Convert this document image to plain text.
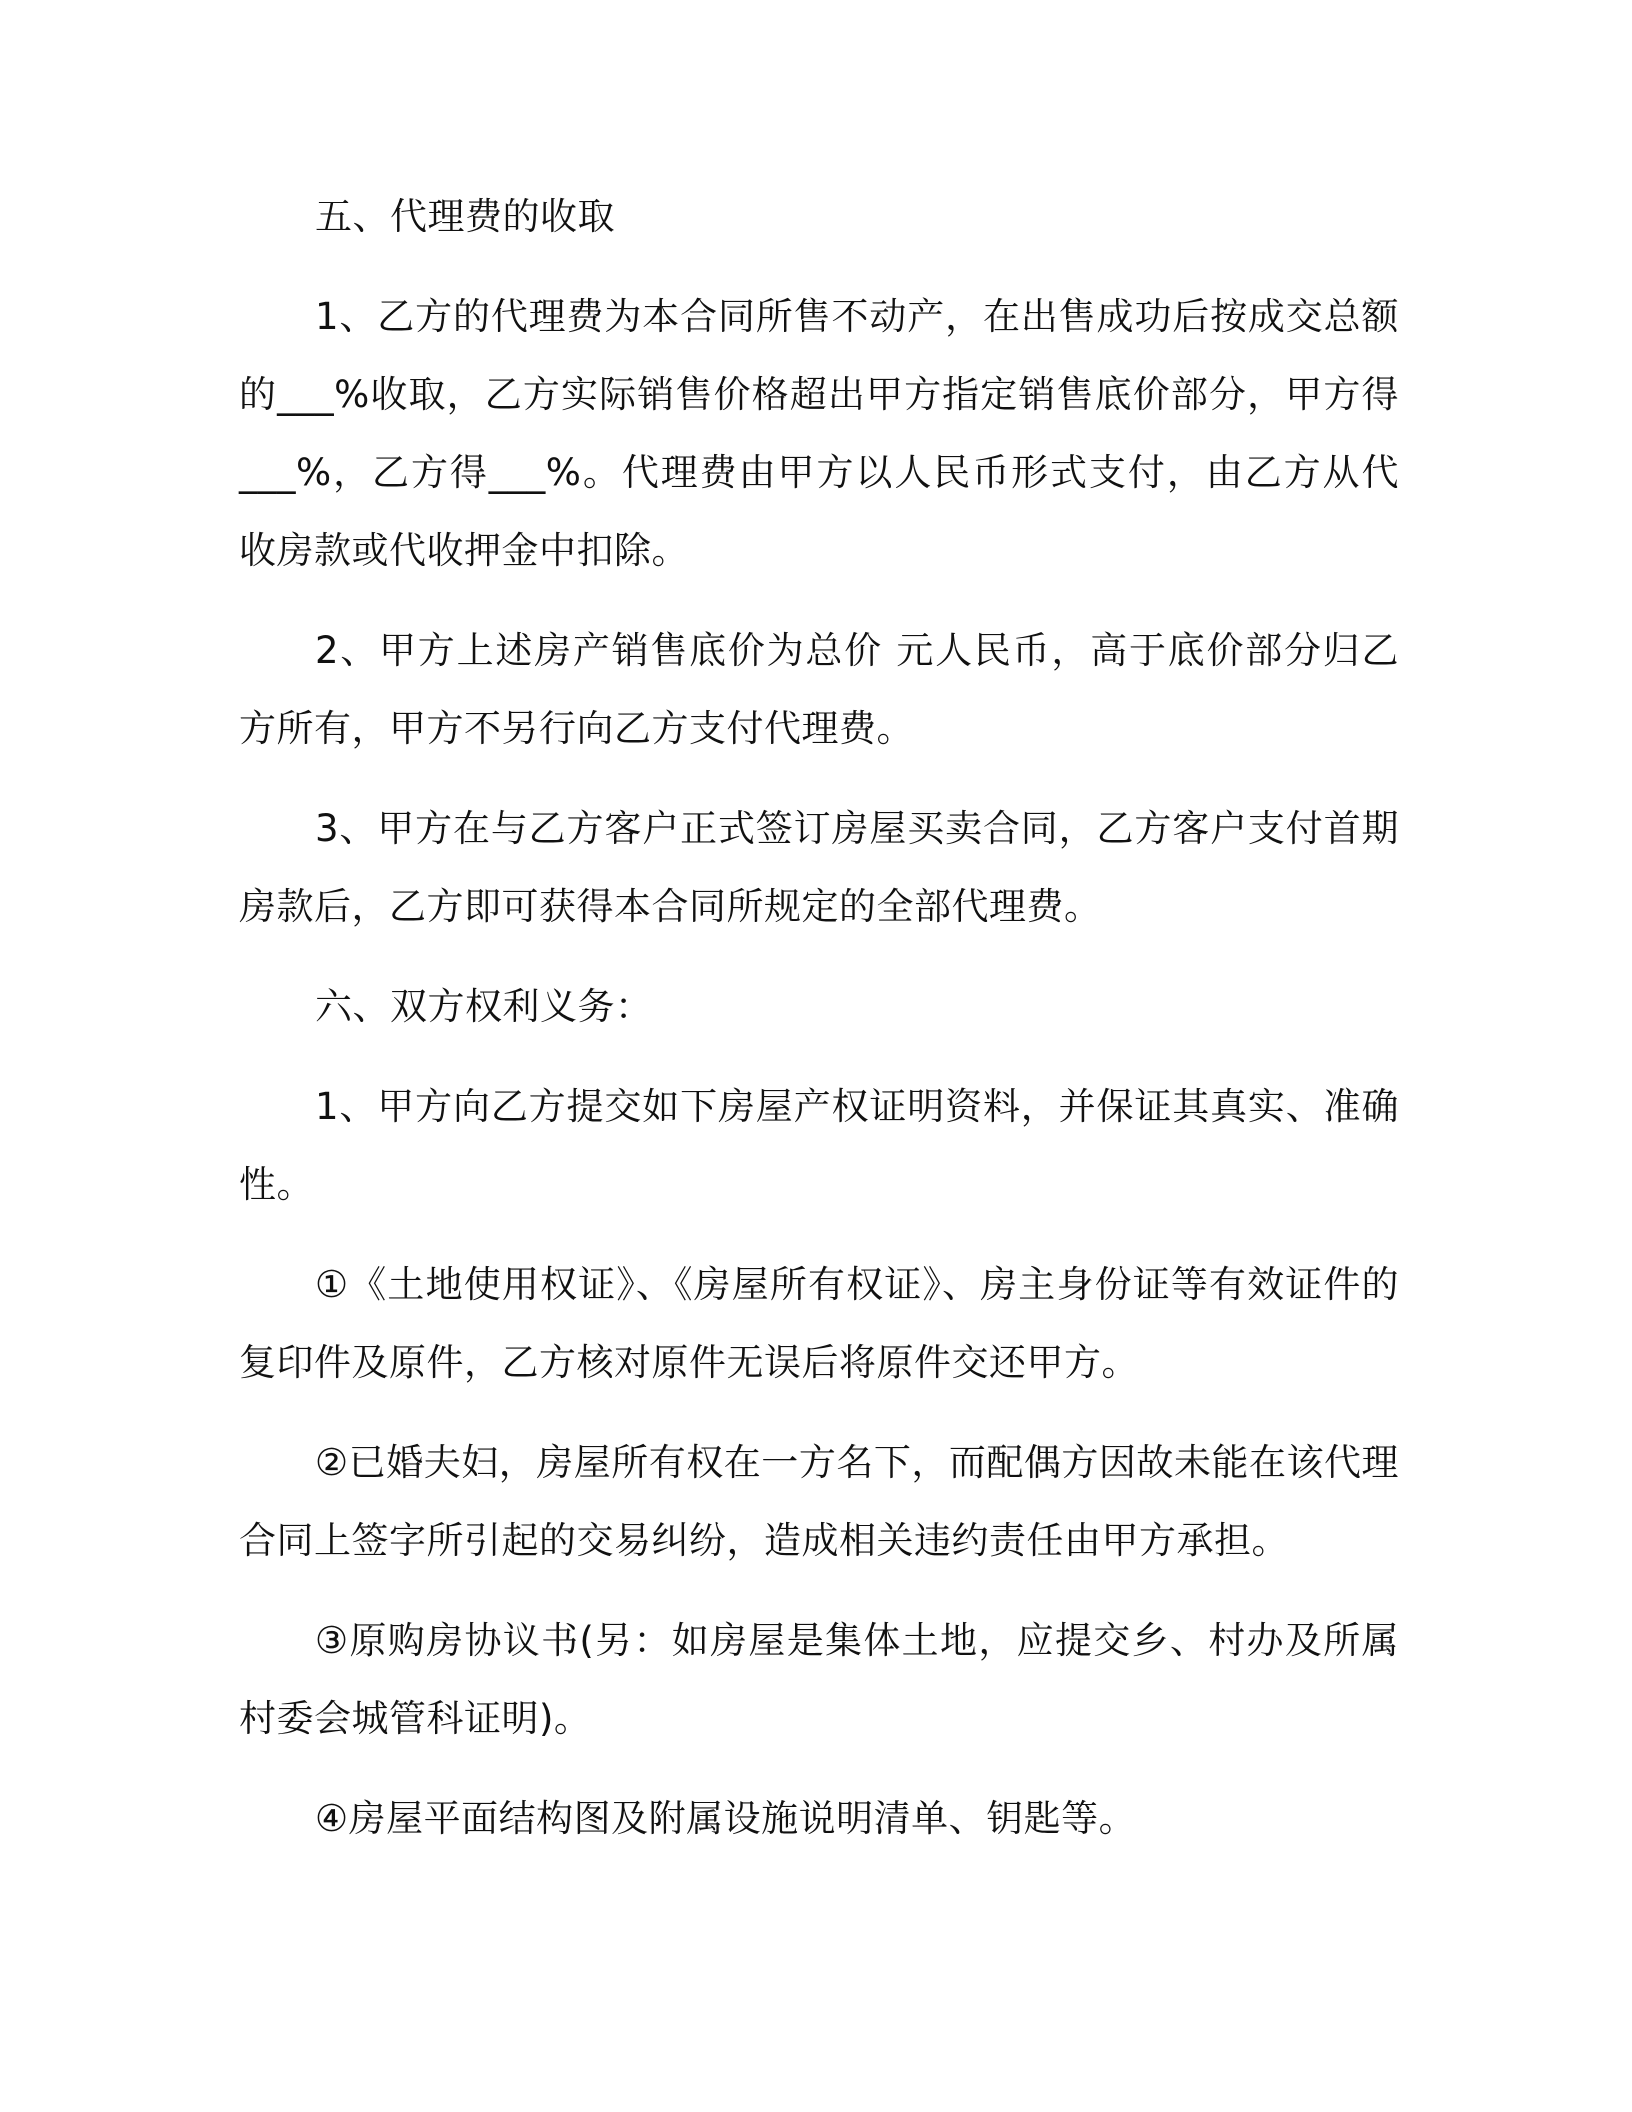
五、代理费的收取

1、乙方的代理费为本合同所售不动产，在出售成功后按成交总额的___%收取，乙方实际销售价格超出甲方指定销售底价部分，甲方得___%，乙方得___%。代理费由甲方以人民币形式支付，由乙方从代收房款或代收押金中扣除。

2、甲方上述房产销售底价为总价 元人民币，高于底价部分归乙方所有，甲方不另行向乙方支付代理费。

3、甲方在与乙方客户正式签订房屋买卖合同，乙方客户支付首期房款后，乙方即可获得本合同所规定的全部代理费。

六、双方权利义务：

1、甲方向乙方提交如下房屋产权证明资料，并保证其真实、准确性。

①《土地使用权证》、《房屋所有权证》、房主身份证等有效证件的复印件及原件，乙方核对原件无误后将原件交还甲方。

②已婚夫妇，房屋所有权在一方名下，而配偶方因故未能在该代理合同上签字所引起的交易纠纷，造成相关违约责任由甲方承担。

③原购房协议书(另：如房屋是集体土地，应提交乡、村办及所属村委会城管科证明)。

④房屋平面结构图及附属设施说明清单、钥匙等。
